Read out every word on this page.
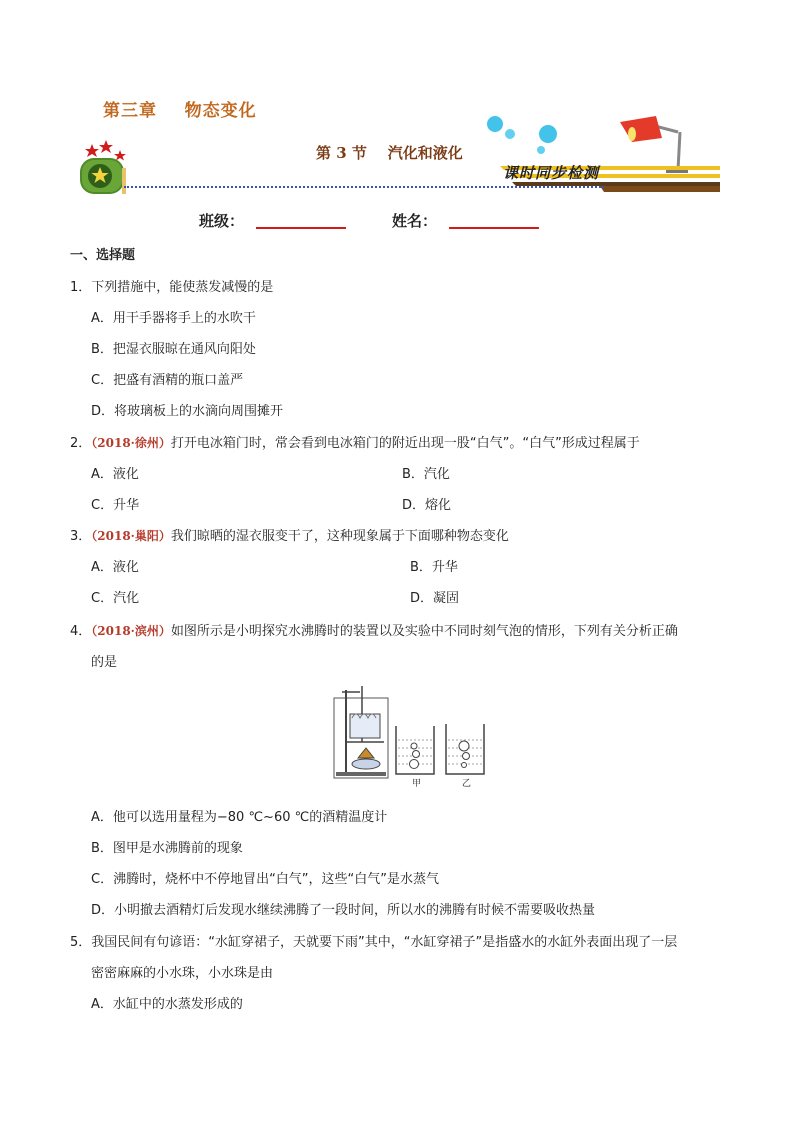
第三章    物态变化
第 3 节    汽化和液化
课时同步检测
班级：	姓名：
一、选择题
1．下列措施中，能使蒸发减慢的是
A．用干手器将手上的水吹干
B．把湿衣服晾在通风向阳处
C．把盛有酒精的瓶口盖严
D．将玻璃板上的水滴向周围摊开
2．（2018·徐州）打开电冰箱门时，常会看到电冰箱门的附近出现一股“白气”。“白气”形成过程属于
A．液化	B．汽化
C．升华	D．熔化
3．（2018·巢阳）我们晾晒的湿衣服变干了，这种现象属于下面哪种物态变化
A．液化	B．升华
C．汽化	D．凝固
4．（2018·滨州）如图所示是小明探究水沸腾时的装置以及实验中不同时刻气泡的情形，下列有关分析正确
的是
甲	乙
A．他可以选用量程为−80 ℃~60 ℃的酒精温度计
B．图甲是水沸腾前的现象
C．沸腾时，烧杯中不停地冒出“白气”，这些“白气”是水蒸气
D．小明撤去酒精灯后发现水继续沸腾了一段时间，所以水的沸腾有时候不需要吸收热量
5．我国民间有句谚语：“水缸穿裙子，天就要下雨”其中，“水缸穿裙子”是指盛水的水缸外表面出现了一层
密密麻麻的小水珠，小水珠是由
A．水缸中的水蒸发形成的
